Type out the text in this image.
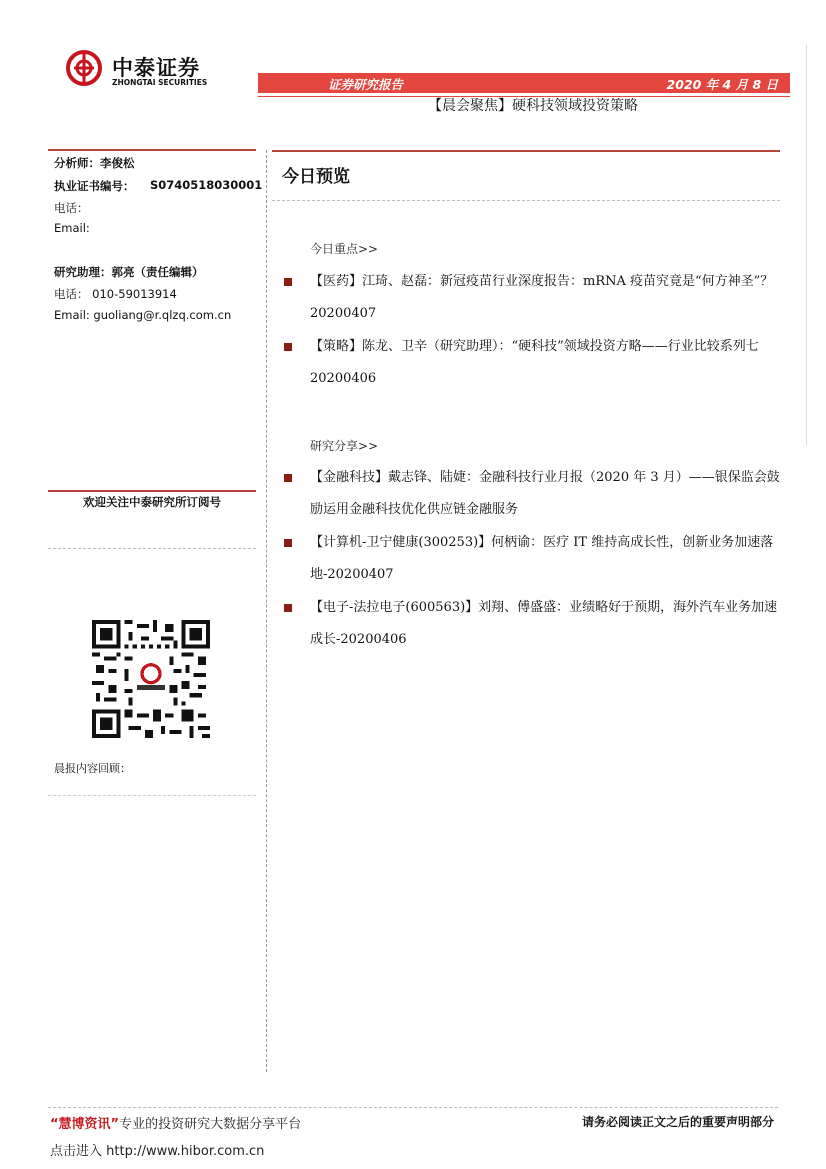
中泰证券
ZHONGTAI SECURITIES	证券研究报告	2020 年 4 月 8 日
【晨会聚焦】硬科技领域投资策略
分析师：李俊松
执业证书编号： S0740518030001
电话：
Email:
研究助理：郭亮（责任编辑）
电话： 010-59013914
Email: guoliang@r.qlzq.com.cn
欢迎关注中泰研究所订阅号
晨报内容回顾：
今日预览
今日重点>>
【医药】江琦、赵磊：新冠疫苗行业深度报告：mRNA 疫苗究竟是“何方神圣”？20200407
【策略】陈龙、卫辛（研究助理）：“硬科技”领域投资方略——行业比较系列七 20200406
研究分享>>
【金融科技】戴志锋、陆婕：金融科技行业月报（2020 年 3 月）——银保监会鼓励运用金融科技优化供应链金融服务
【计算机-卫宁健康(300253)】何柄谕：医疗 IT 维持高成长性，创新业务加速落地-20200407
【电子-法拉电子(600563)】刘翔、傅盛盛：业绩略好于预期，海外汽车业务加速成长-20200406
“慧博资讯”专业的投资研究大数据分享平台
点击进入 http://www.hibor.com.cn
请务必阅读正文之后的重要声明部分
